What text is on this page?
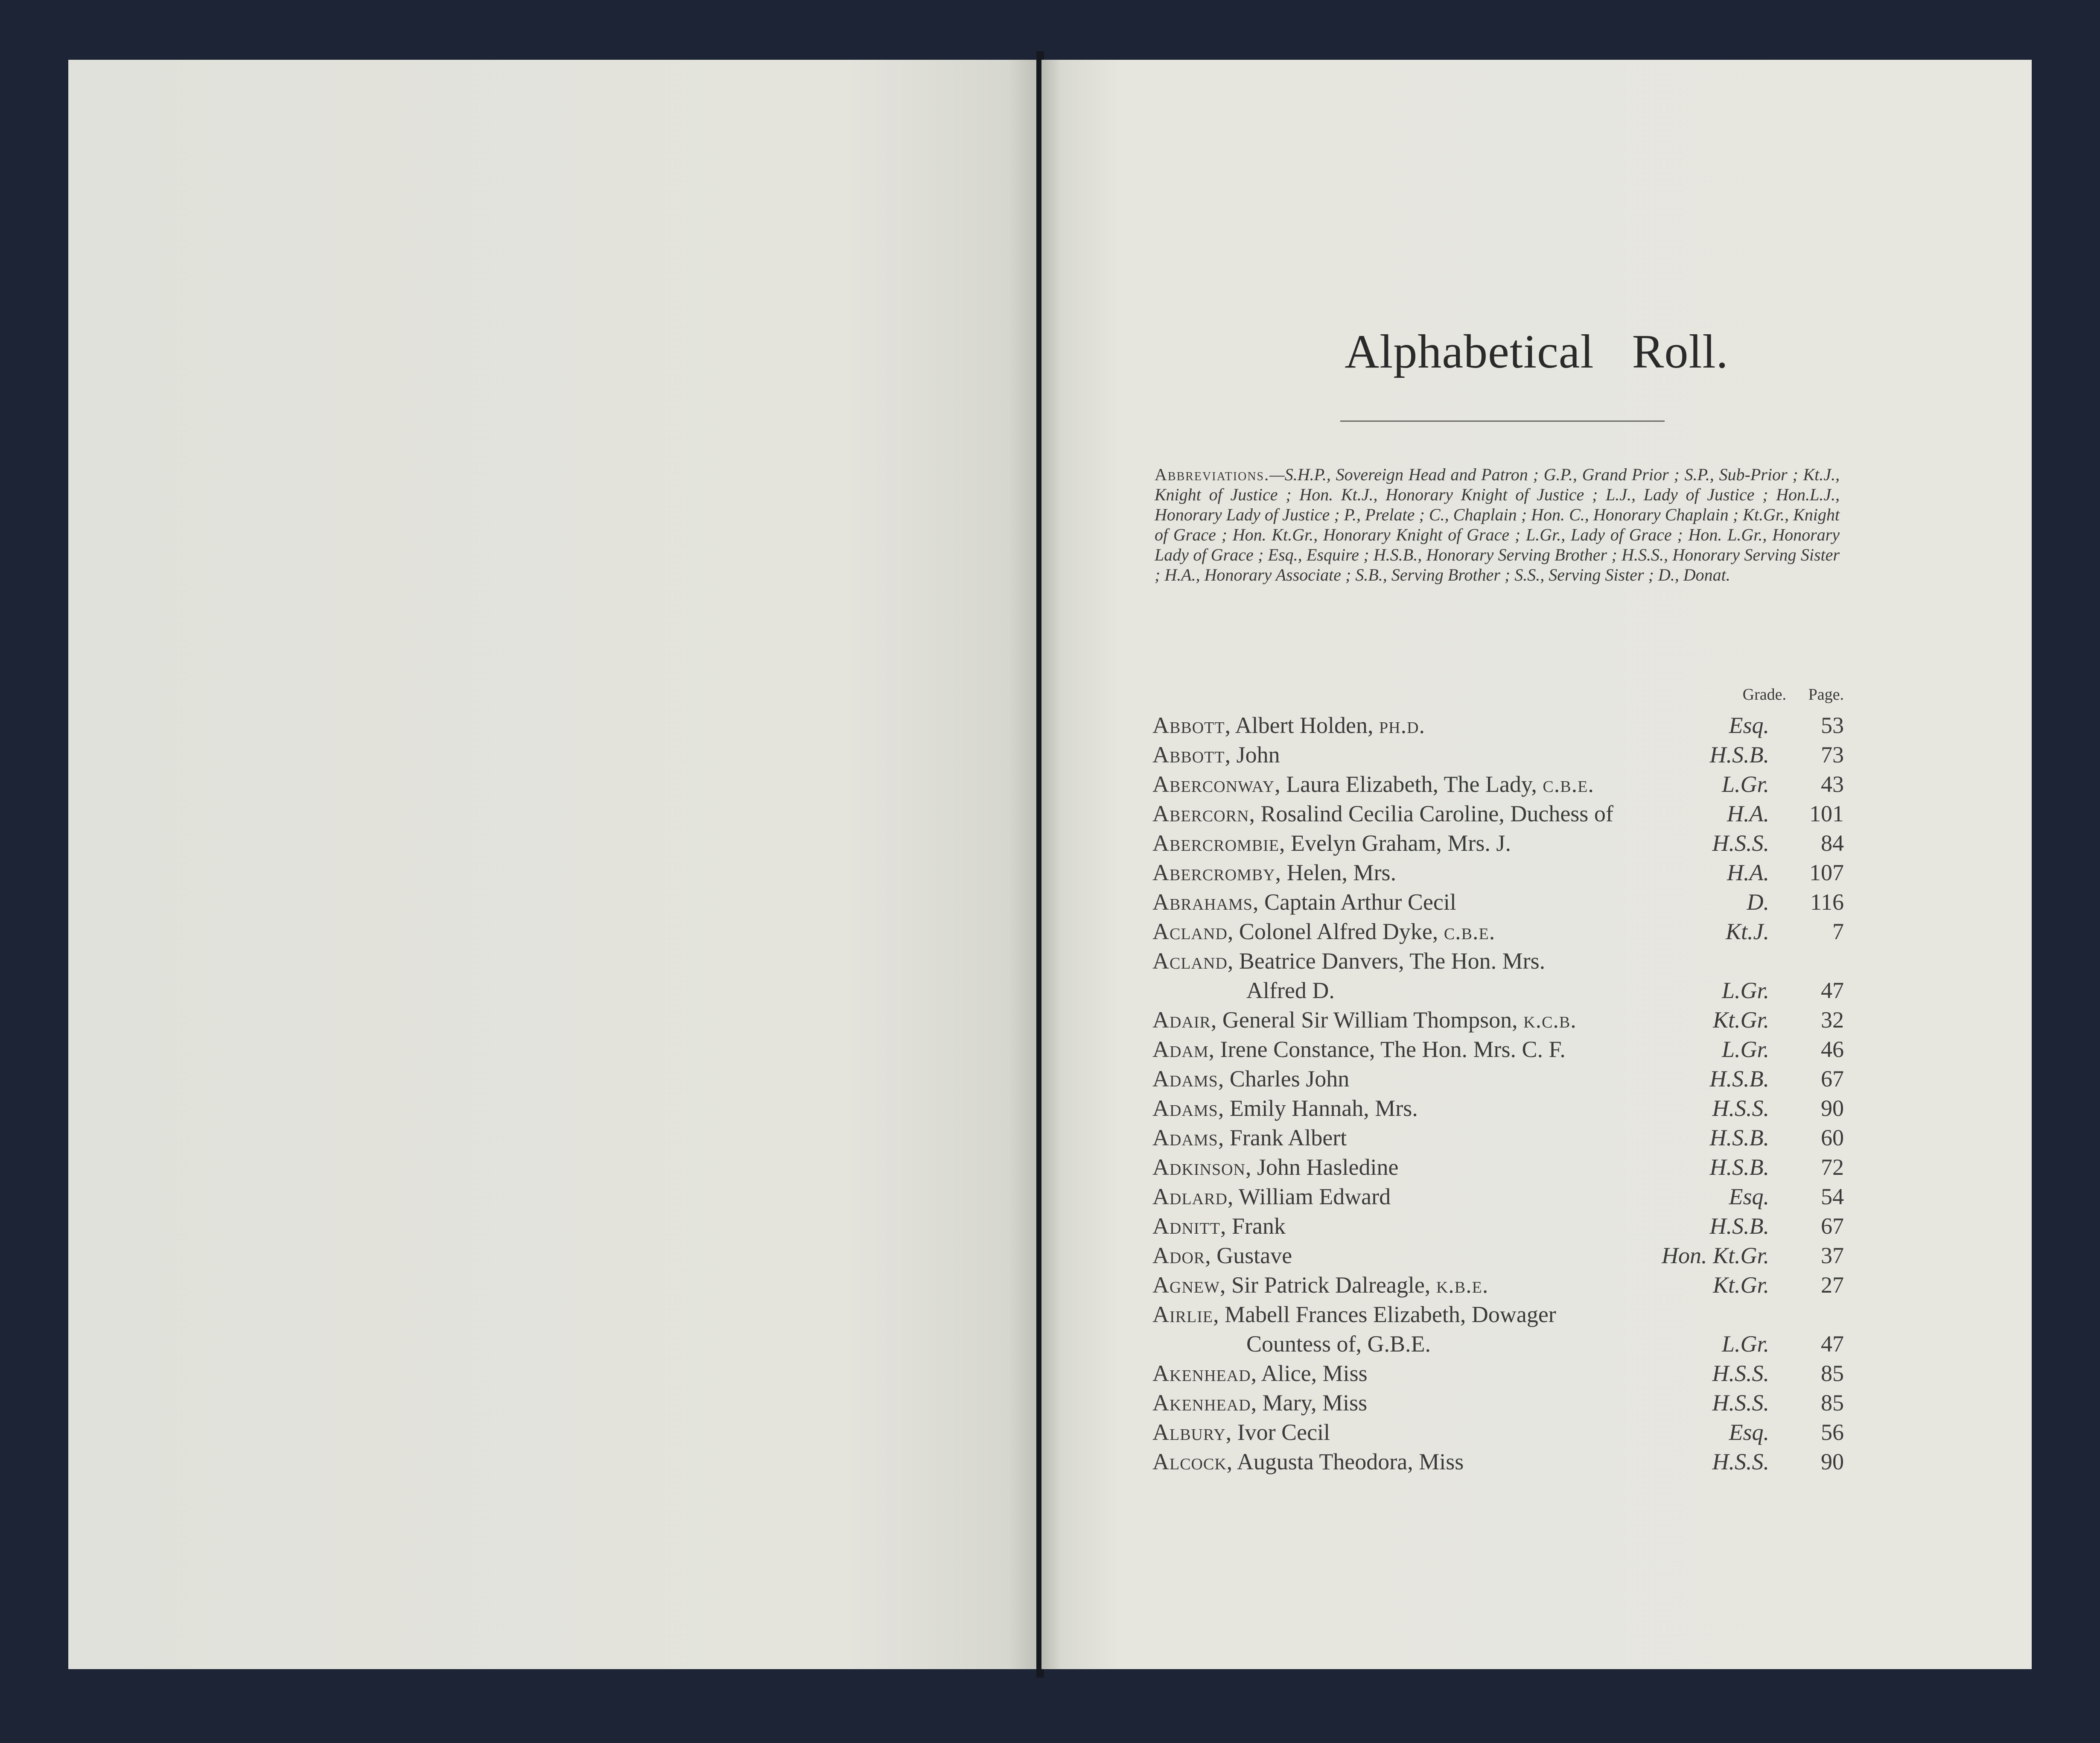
Alphabetical Roll.
Abbreviations.—S.H.P., Sovereign Head and Patron ; G.P., Grand Prior ; S.P., Sub-Prior ; Kt.J., Knight of Justice ; Hon. Kt.J., Honorary Knight of Justice ; L.J., Lady of Justice ; Hon.L.J., Honorary Lady of Justice ; P., Prelate ; C., Chaplain ; Hon. C., Honorary Chaplain ; Kt.Gr., Knight of Grace ; Hon. Kt.Gr., Honorary Knight of Grace ; L.Gr., Lady of Grace ; Hon. L.Gr., Honorary Lady of Grace ; Esq., Esquire ; H.S.B., Honorary Serving Brother ; H.S.S., Honorary Serving Sister ; H.A., Honorary Associate ; S.B., Serving Brother ; S.S., Serving Sister ; D., Donat.
Grade. Page.
Abbott, Albert Holden, ph.d.	Esq.	53
Abbott, John	H.S.B.	73
Aberconway, Laura Elizabeth, The Lady, c.b.e.	L.Gr.	43
Abercorn, Rosalind Cecilia Caroline, Duchess of	H.A.	101
Abercrombie, Evelyn Graham, Mrs. J.	H.S.S.	84
Abercromby, Helen, Mrs.	H.A.	107
Abrahams, Captain Arthur Cecil	D.	116
Acland, Colonel Alfred Dyke, c.b.e.	Kt.J.	7
Acland, Beatrice Danvers, The Hon. Mrs.
Alfred D.	L.Gr.	47
Adair, General Sir William Thompson, k.c.b.	Kt.Gr.	32
Adam, Irene Constance, The Hon. Mrs. C. F.	L.Gr.	46
Adams, Charles John	H.S.B.	67
Adams, Emily Hannah, Mrs.	H.S.S.	90
Adams, Frank Albert	H.S.B.	60
Adkinson, John Hasledine	H.S.B.	72
Adlard, William Edward	Esq.	54
Adnitt, Frank	H.S.B.	67
Ador, Gustave	Hon. Kt.Gr.	37
Agnew, Sir Patrick Dalreagle, k.b.e.	Kt.Gr.	27
Airlie, Mabell Frances Elizabeth, Dowager
Countess of, G.B.E.	L.Gr.	47
Akenhead, Alice, Miss	H.S.S.	85
Akenhead, Mary, Miss	H.S.S.	85
Albury, Ivor Cecil	Esq.	56
Alcock, Augusta Theodora, Miss	H.S.S.	90
